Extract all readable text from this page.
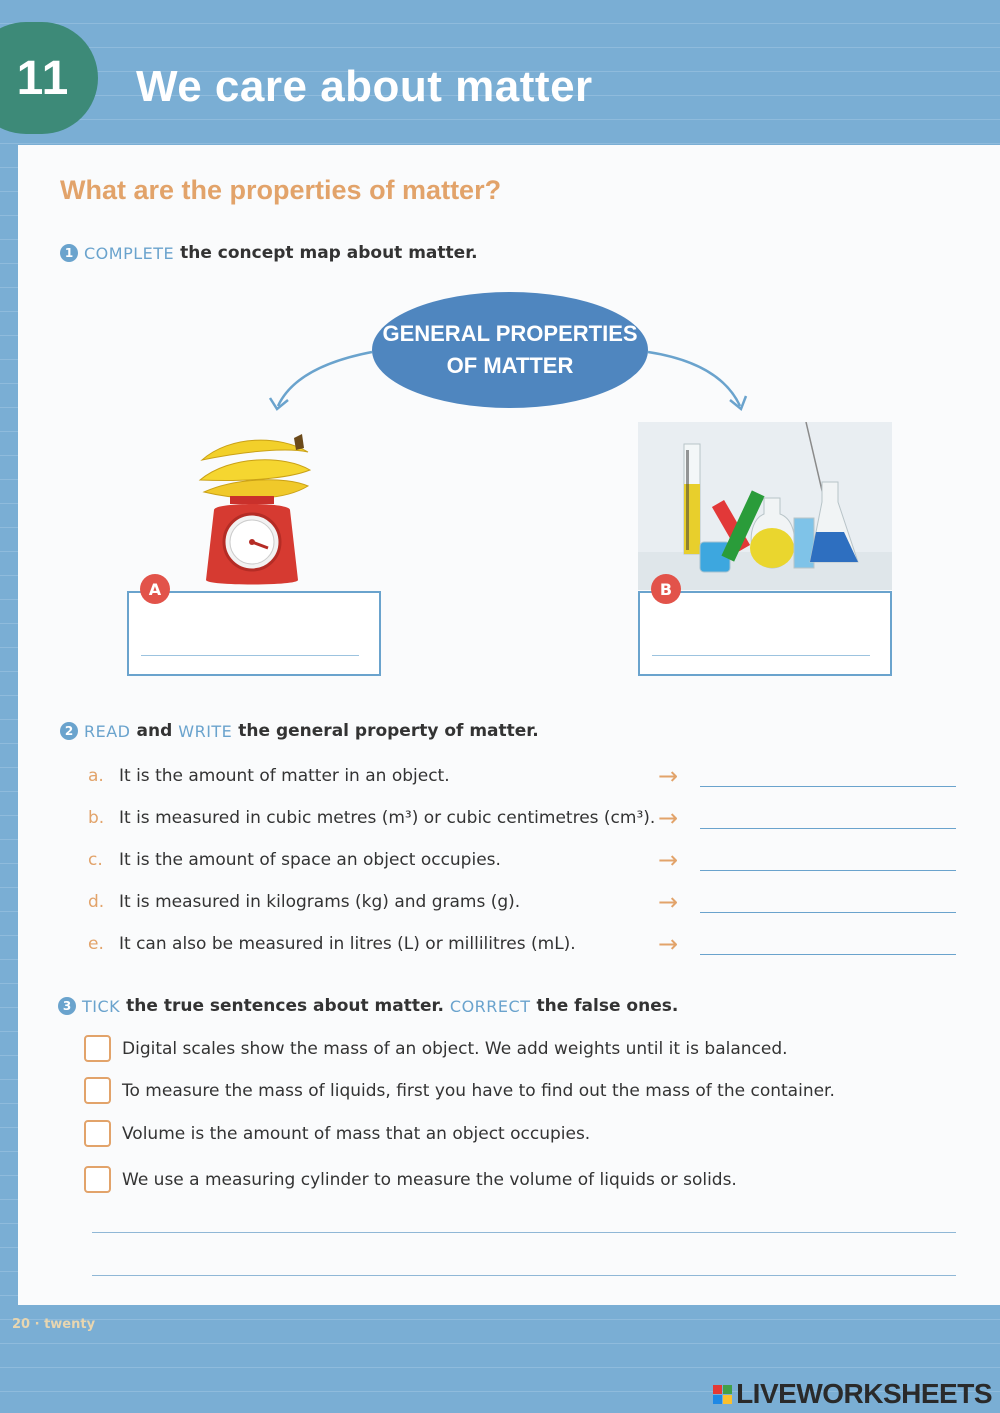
11 We care about matter
What are the properties of matter?
1 COMPLETE the concept map about matter.
GENERAL PROPERTIES
OF MATTER
A	B
2 READ and WRITE the general property of matter.
a. It is the amount of matter in an object.	→
b. It is measured in cubic metres (m³) or cubic centimetres (cm³). →
c. It is the amount of space an object occupies.	→
d. It is measured in kilograms (kg) and grams (g).	→
e. It can also be measured in litres (L) or millilitres (mL).	→
3 TICK the true sentences about matter. CORRECT the false ones.
Digital scales show the mass of an object. We add weights until it is balanced.
To measure the mass of liquids, first you have to find out the mass of the container.
Volume is the amount of mass that an object occupies.
We use a measuring cylinder to measure the volume of liquids or solids.
20 · twenty
LIVEWORKSHEETS
